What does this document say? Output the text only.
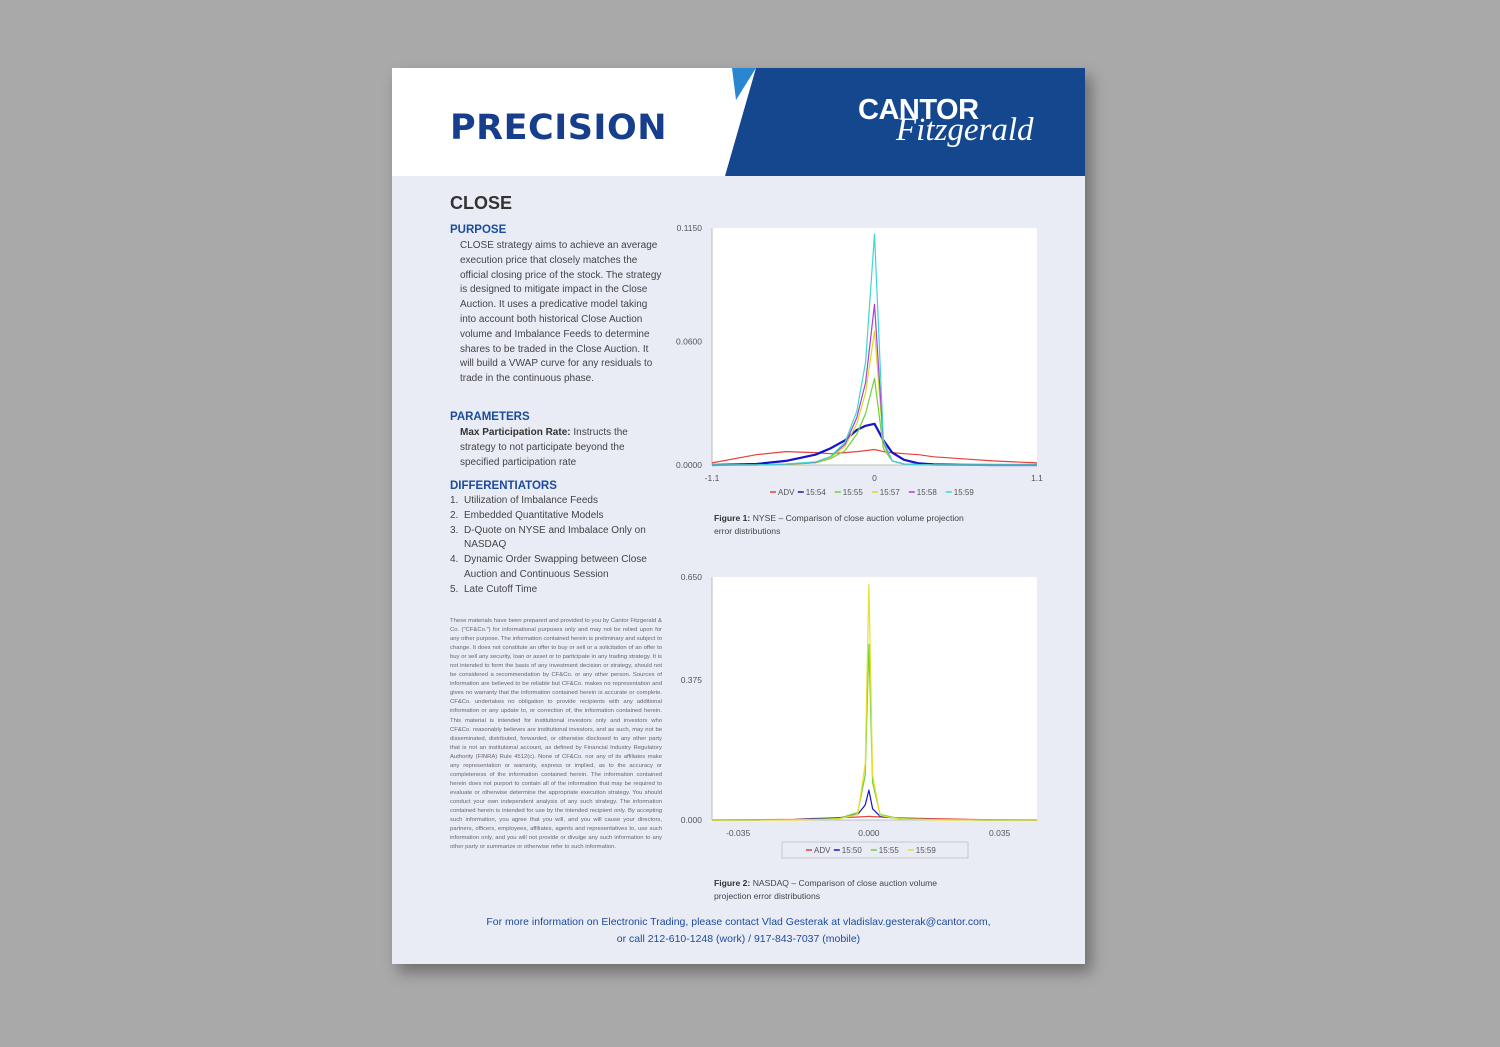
PRECISION	CANTOR
Fitzgerald
CLOSE
PURPOSE
CLOSE strategy aims to achieve an average execution price that closely matches the official closing price of the stock. The strategy is designed to mitigate impact in the Close Auction. It uses a predicative model taking into account both historical Close Auction volume and Imbalance Feeds to determine shares to be traded in the Close Auction. It will build a VWAP curve for any residuals to trade in the continuous phase.
PARAMETERS
Max Participation Rate: Instructs the strategy to not participate beyond the specified participation rate
DIFFERENTIATORS
1. Utilization of Imbalance Feeds
2. Embedded Quantitative Models
3. D-Quote on NYSE and Imbalace Only on NASDAQ
4. Dynamic Order Swapping between Close Auction and Continuous Session
5. Late Cutoff Time
These materials have been prepared and provided to you by Cantor Fitzgerald & Co. ("CF&Co.") for informational purposes only and may not be relied upon for any other purpose. The information contained herein is preliminary and subject to change. It does not constitute an offer to buy or sell or a solicitation of an offer to buy or sell any security, loan or asset or to participate in any trading strategy. It is not intended to form the basis of any investment decision or strategy, should not be considered a recommendation by CF&Co. or any other person. Sources of information are believed to be reliable but CF&Co. makes no representation and gives no warranty that the information contained herein is accurate or complete. CF&Co. undertakes no obligation to provide recipients with any additional information or any update to, or correction of, the information contained herein. This material is intended for institutional investors only and investors who CF&Co. reasonably believes are institutional investors, and as such, may not be disseminated, distributed, forwarded, or otherwise disclosed to any other party that is not an institutional account, as defined by Financial Industry Regulatory Authority (FINRA) Rule 4512(c). None of CF&Co. nor any of its affiliates make any representation or warranty, express or implied, as to the accuracy or completeness of the information contained herein. The information contained herein does not purport to contain all of the information that may be required to evaluate or otherwise determine the appropriate execution strategy. You should conduct your own independent analysis of any such strategy. The information contained herein is intended for use by the intended recipient only. By accepting such information, you agree that you will, and you will cause your directors, partners, officers, employees, affiliates, agents and representatives to, use such information only, and you will not provide or divulge any such information to any other party or summarize or otherwise refer to such information.
0.0000
0.0600
0.1150
-1.1	0	1.1
ADV 15:54 15:55 15:57 15:58 15:59
Figure 1: NYSE – Comparison of close auction volume projection error distributions
0.000
0.375
0.650
-0.035	0.000	0.035
ADV 15:50 15:55 15:59
Figure 2: NASDAQ – Comparison of close auction volume projection error distributions
For more information on Electronic Trading, please contact Vlad Gesterak at vladislav.gesterak@cantor.com,
or call 212-610-1248 (work) / 917-843-7037 (mobile)
